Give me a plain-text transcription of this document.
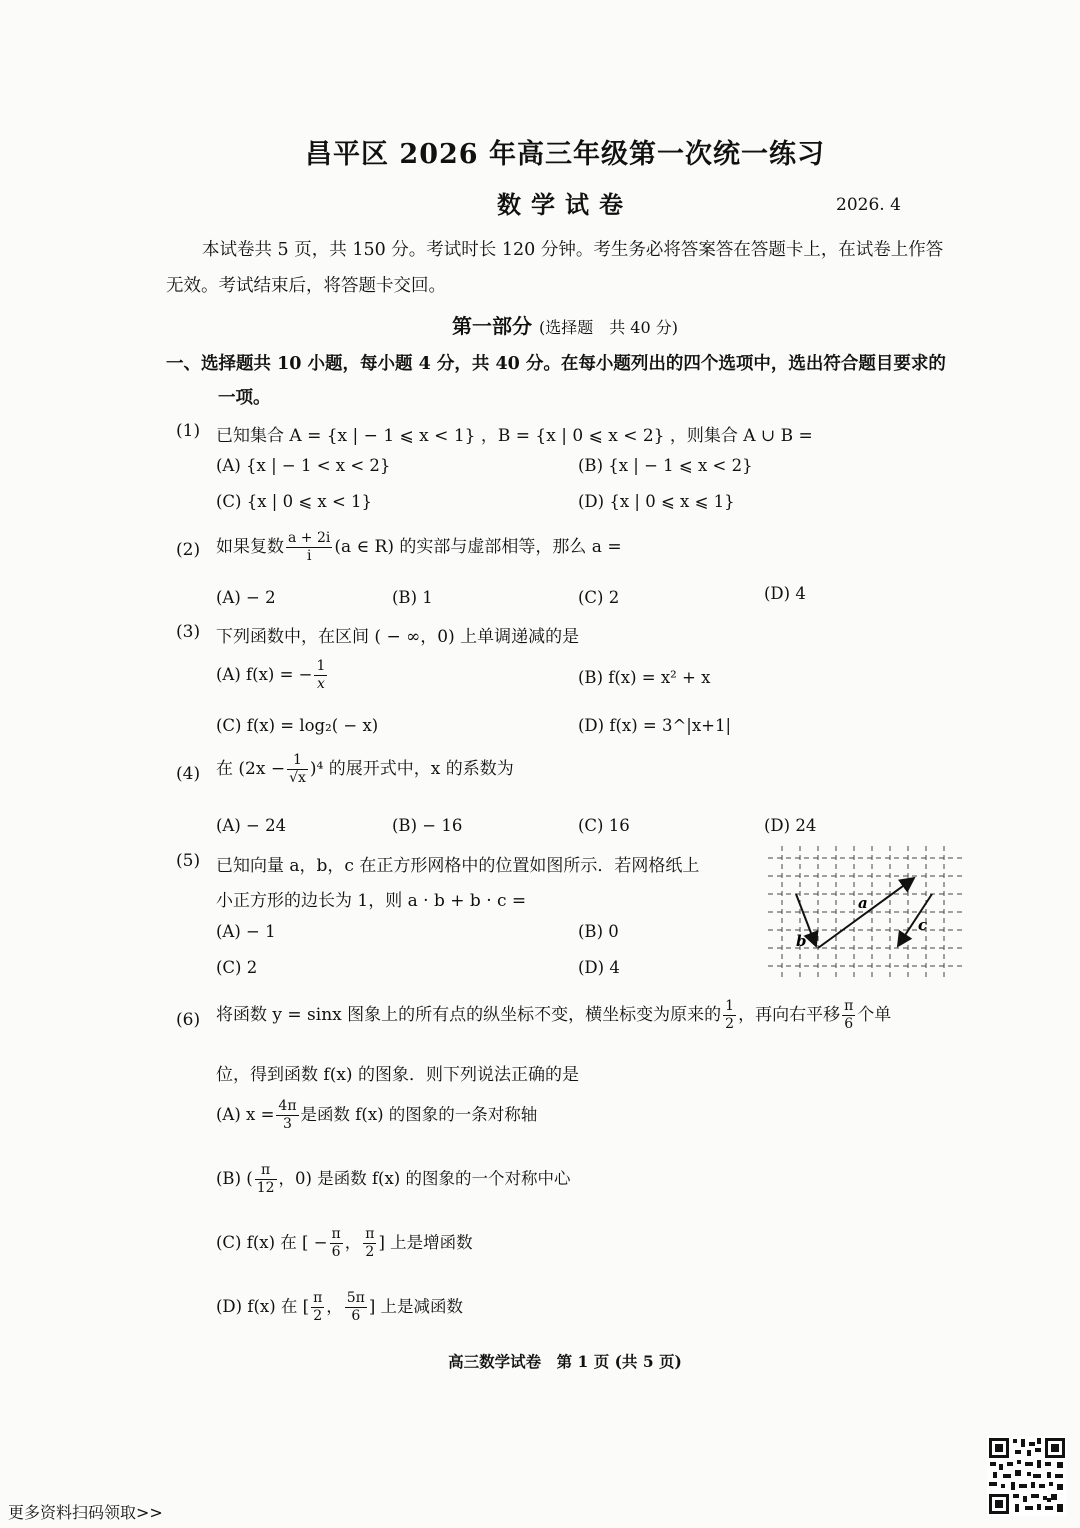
昌平区 2026 年高三年级第一次统一练习
数学试卷	2026. 4
本试卷共 5 页，共 150 分。考试时长 120 分钟。考生务必将答案答在答题卡上，在试卷上作答
无效。考试结束后，将答题卡交回。
第一部分 (选择题　共 40 分)
一、选择题共 10 小题，每小题 4 分，共 40 分。在每小题列出的四个选项中，选出符合题目要求的
一项。
(1) 已知集合 A = {x | − 1 ⩽ x < 1} ，B = {x | 0 ⩽ x < 2} ，则集合 A ∪ B =
(A) {x | − 1 < x < 2}	(B) {x | − 1 ⩽ x < 2}
(C) {x | 0 ⩽ x < 1}	(D) {x | 0 ⩽ x ⩽ 1}
(2) 如果复数 $\frac{a + 2i}{i} (a$ ∈ R) 的实部与虚部相等，那么 a =
(A) − 2	(B) 1	(C) 2	(D) 4
(3) 下列函数中，在区间 ( − ∞，0) 上单调递减的是
(A) f(x) = − $\frac{1}{x}$	(B) f(x) = x² + x
(C) f(x) = log₂( − x)	(D) f(x) = 3^|x+1|
(4) 在 $(2x - \frac{1}{√x} )^4$ 的展开式中，x 的系数为
(A) − 24	(B) − 16	(C) 16	(D) 24
(5) 已知向量 a，b，c 在正方形网格中的位置如图所示．若网格纸上
小正方形的边长为 1，则 a · b + b · c =
(A) − 1	(B) 0
(C) 2	(D) 4
a
b
c
(6) 将函数 y = sinx 图象上的所有点的纵坐标不变，横坐标变为原来的 $\frac{1}{2}$ ，再向右平移 $\frac{\pi}{6}$ 个单
位，得到函数 f(x) 的图象．则下列说法正确的是
(A) $x = \frac{4\pi}{3}$ 是函数 f(x) 的图象的一条对称轴
(B) ( $\frac{\pi}{12}$ ，0) 是函数 f(x) 的图象的一个对称中心
(C) f(x) 在 [ − $\frac{\pi}{6}$ ， $\frac{\pi}{2}$ ] 上是增函数
(D) f(x) 在 [ $\frac{\pi}{2}$ ， $\frac{5\pi}{6}$ ] 上是减函数
高三数学试卷　第 1 页 (共 5 页)
更多资料扫码领取>>
